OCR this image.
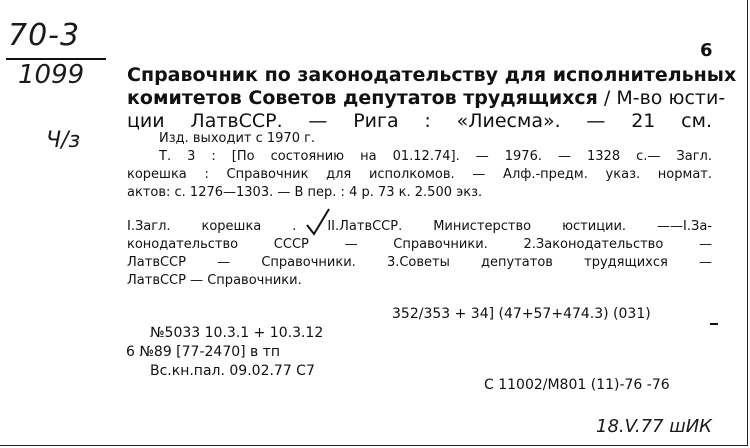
70-3
1099
Ч/з
6
Справочник по законодательству для исполнительных
комитетов Советов депутатов трудящихся / М-во юсти-
ции ЛатвССР. — Рига : «Лиесма». — 21 см.
Изд. выходит с 1970 г.
Т. 3 : [По состоянию на 01.12.74]. — 1976. — 1328 с.— Загл.
корешка : Справочник для исполкомов. — Алф.-предм. указ. нормат.
актов: с. 1276—1303. — В пер. : 4 р. 73 к. 2.500 экз.
I.Загл. корешка . II.ЛатвССР. Министерство юстиции. ——I.За-
конодательство СССР — Справочники. 2.Законодательство —
ЛатвССР — Справочники. 3.Советы депутатов трудящихся —
ЛатвССР — Справочники.
352/353 + 34] (47+57+474.3) (031)
№5033 10.3.1 + 10.3.12
6 №89 [77-2470] в тп
Вс.кн.пал. 09.02.77 С7
С 11002/М801 (11)-76 -76
18.V.77 шИК
